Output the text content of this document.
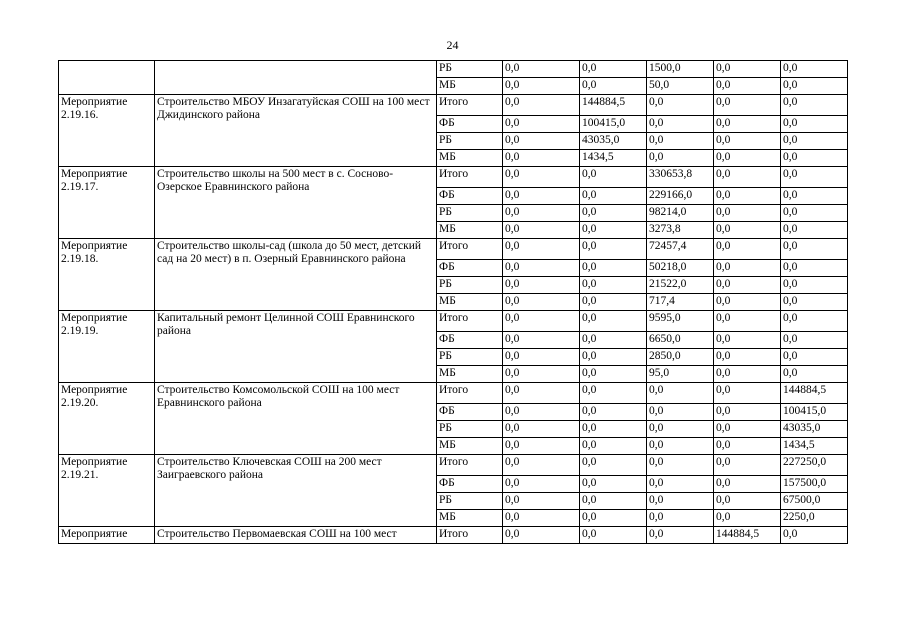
24
		РБ	0,0	0,0	1500,0	0,0	0,0
		МБ	0,0	0,0	50,0	0,0	0,0
Мероприятие 2.19.16.	Строительство МБОУ Инзагатуйская СОШ на 100 мест Джидинского района	Итого	0,0	144884,5	0,0	0,0	0,0
		ФБ	0,0	100415,0	0,0	0,0	0,0
		РБ	0,0	43035,0	0,0	0,0	0,0
		МБ	0,0	1434,5	0,0	0,0	0,0
Мероприятие 2.19.17.	Строительство школы на 500 мест в с. Сосново-Озерское Еравнинского района	Итого	0,0	0,0	330653,8	0,0	0,0
		ФБ	0,0	0,0	229166,0	0,0	0,0
		РБ	0,0	0,0	98214,0	0,0	0,0
		МБ	0,0	0,0	3273,8	0,0	0,0
Мероприятие 2.19.18.	Строительство школы-сад (школа до 50 мест, детский сад на 20 мест) в п. Озерный Еравнинского района	Итого	0,0	0,0	72457,4	0,0	0,0
		ФБ	0,0	0,0	50218,0	0,0	0,0
		РБ	0,0	0,0	21522,0	0,0	0,0
		МБ	0,0	0,0	717,4	0,0	0,0
Мероприятие 2.19.19.	Капитальный ремонт Целинной СОШ Еравнинского района	Итого	0,0	0,0	9595,0	0,0	0,0
		ФБ	0,0	0,0	6650,0	0,0	0,0
		РБ	0,0	0,0	2850,0	0,0	0,0
		МБ	0,0	0,0	95,0	0,0	0,0
Мероприятие 2.19.20.	Строительство Комсомольской СОШ на 100 мест Еравнинского района	Итого	0,0	0,0	0,0	0,0	144884,5
		ФБ	0,0	0,0	0,0	0,0	100415,0
		РБ	0,0	0,0	0,0	0,0	43035,0
		МБ	0,0	0,0	0,0	0,0	1434,5
Мероприятие 2.19.21.	Строительство Ключевская СОШ на 200 мест Заиграевского района	Итого	0,0	0,0	0,0	0,0	227250,0
		ФБ	0,0	0,0	0,0	0,0	157500,0
		РБ	0,0	0,0	0,0	0,0	67500,0
		МБ	0,0	0,0	0,0	0,0	2250,0
Мероприятие	Строительство Первомаевская СОШ на 100 мест	Итого	0,0	0,0	0,0	144884,5	0,0
